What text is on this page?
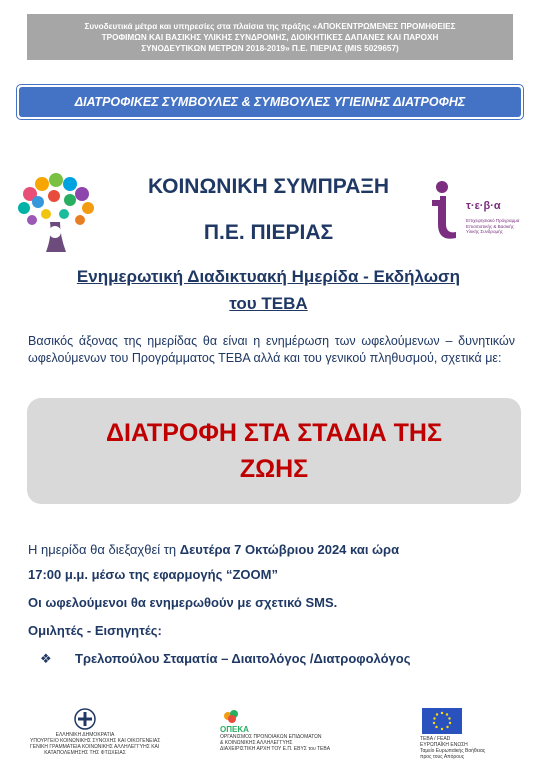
Συνοδευτικά μέτρα και υπηρεσίες στα πλαίσια της πράξης «ΑΠΟΚΕΝΤΡΩΜΕΝΕΣ ΠΡΟΜΗΘΕΙΕΣ
ΤΡΟΦΙΜΩΝ ΚΑΙ ΒΑΣΙΚΗΣ ΥΛΙΚΗΣ ΣΥΝΔΡΟΜΗΣ, ΔΙΟΙΚΗΤΙΚΕΣ ΔΑΠΑΝΕΣ ΚΑΙ ΠΑΡΟΧΗ
ΣΥΝΟΔΕΥΤΙΚΩΝ ΜΕΤΡΩΝ 2018-2019» Π.Ε. ΠΙΕΡΙΑΣ (MIS 5029657)
ΔΙΑΤΡΟΦΙΚΕΣ ΣΥΜΒΟΥΛΕΣ & ΣΥΜΒΟΥΛΕΣ ΥΓΙΕΙΝΗΣ ΔΙΑΤΡΟΦΗΣ
ΚΟΙΝΩΝΙΚΗ ΣΥΜΠΡΑΞΗ
Π.Ε. ΠΙΕΡΙΑΣ
τ·ε·β·α
Επιχειρησιακό Πρόγραμμα
Επισιτιστικής & Βασικής
Υλικής Συνδρομής
Ενημερωτική Διαδικτυακή Ημερίδα - Εκδήλωση
του ΤΕΒΑ
Βασικός άξονας της ημερίδας θα είναι η ενημέρωση των ωφελούμενων – δυνητικών ωφελούμενων του Προγράμματος ΤΕΒΑ αλλά και του γενικού πληθυσμού, σχετικά με:
ΔΙΑΤΡΟΦΗ ΣΤΑ ΣΤΑΔΙΑ ΤΗΣ
ΖΩΗΣ
Η ημερίδα θα διεξαχθεί τη Δευτέρα 7 Οκτώβριου 2024 και ώρα
17:00 μ.μ. μέσω της εφαρμογής “ZOOM”
Οι ωφελούμενοι θα ενημερωθούν με σχετικό SMS.
Ομιλητές - Εισηγητές:
❖ Τρελοπούλου Σταματία – Διαιτολόγος /Διατροφολόγος
ΕΛΛΗΝΙΚΗ ΔΗΜΟΚΡΑΤΙΑ
ΥΠΟΥΡΓΕΙΟ ΚΟΙΝΩΝΙΚΗΣ ΣΥΝΟΧΗΣ ΚΑΙ ΟΙΚΟΓΕΝΕΙΑΣ
ΓΕΝΙΚΗ ΓΡΑΜΜΑΤΕΙΑ ΚΟΙΝΩΝΙΚΗΣ ΑΛΛΗΛΕΓΓΥΗΣ ΚΑΙ
ΚΑΤΑΠΟΛΕΜΗΣΗΣ ΤΗΣ ΦΤΩΧΕΙΑΣ
ΟΠΕΚΑ
ΟΡΓΑΝΙΣΜΟΣ ΠΡΟΝΟΙΑΚΩΝ ΕΠΙΔΟΜΑΤΩΝ
& ΚΟΙΝΩΝΙΚΗΣ ΑΛΛΗΛΕΓΓΥΗΣ
ΔΙΑΧΕΙΡΙΣΤΙΚΗ ΑΡΧΗ ΤΟΥ Ε.Π. ΕΒΥΣ του ΤΕΒΑ
ΤΕΒΑ / FEAD
ΕΥΡΩΠΑΪΚΗ ΕΝΩΣΗ
Ταμείο Ευρωπαϊκής Βοήθειας
προς τους Απόρους
